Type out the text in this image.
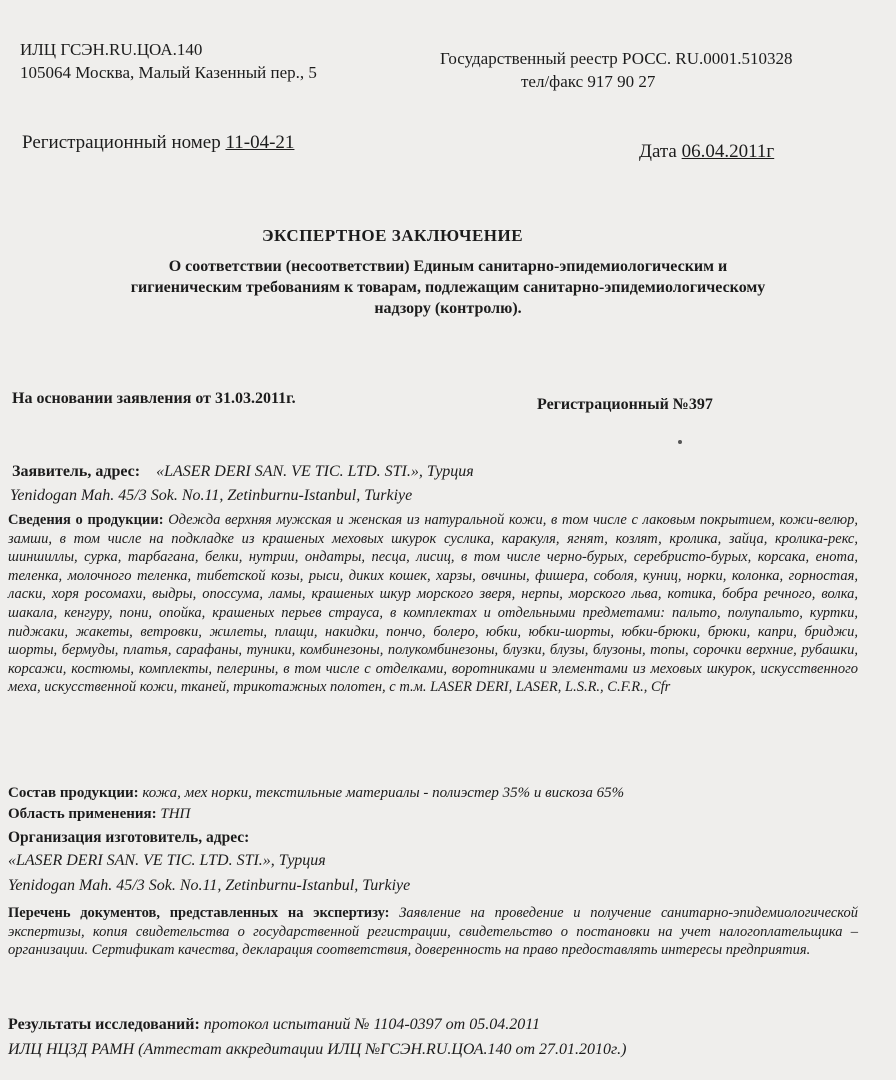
ИЛЦ ГСЭН.RU.ЦОА.140
105064 Москва, Малый Казенный пер., 5
Государственный реестр РОСС. RU.0001.510328
тел/факс 917 90 27
Регистрационный номер 11-04-21	Дата 06.04.2011г
ЭКСПЕРТНОЕ ЗАКЛЮЧЕНИЕ
О соответствии (несоответствии) Единым санитарно-эпидемиологическим и
гигиеническим требованиям к товарам, подлежащим санитарно-эпидемиологическому
надзору (контролю).
На основании заявления от 31.03.2011г.	Регистрационный №397
Заявитель, адрес: «LASER DERI SAN. VE TIC. LTD. STI.», Турция
Yenidogan Mah. 45/3 Sok. No.11, Zetinburnu-Istanbul, Turkiye
Сведения о продукции: Одежда верхняя мужская и женская из натуральной кожи, в том числе с лаковым покрытием, кожи-велюр, замши, в том числе на подкладке из крашеных меховых шкурок суслика, каракуля, ягнят, козлят, кролика, зайца, кролика-рекс, шиншиллы, сурка, тарбагана, белки, нутрии, ондатры, песца, лисиц, в том числе черно-бурых, серебристо-бурых, корсака, енота, теленка, молочного теленка, тибетской козы, рыси, диких кошек, харзы, овчины, фишера, соболя, куниц, норки, колонка, горностая, ласки, хоря росомахи, выдры, опоссума, ламы, крашеных шкур морского зверя, нерпы, морского льва, котика, бобра речного, волка, шакала, кенгуру, пони, опойка, крашеных перьев страуса, в комплектах и отдельными предметами: пальто, полупальто, куртки, пиджаки, жакеты, ветровки, жилеты, плащи, накидки, пончо, болеро, юбки, юбки-шорты, юбки-брюки, брюки, капри, бриджи, шорты, бермуды, платья, сарафаны, туники, комбинезоны, полукомбинезоны, блузки, блузы, блузоны, топы, сорочки верхние, рубашки, корсажи, костюмы, комплекты, пелерины, в том числе с отделками, воротниками и элементами из меховых шкурок, искусственного меха, искусственной кожи, тканей, трикотажных полотен, с т.м. LASER DERI, LASER, L.S.R., C.F.R., Cfr
Состав продукции: кожа, мех норки, текстильные материалы - полиэстер 35% и вискоза 65%
Область применения: ТНП
Организация изготовитель, адрес:
«LASER DERI SAN. VE TIC. LTD. STI.», Турция
Yenidogan Mah. 45/3 Sok. No.11, Zetinburnu-Istanbul, Turkiye
Перечень документов, представленных на экспертизу: Заявление на проведение и получение санитарно-эпидемиологической экспертизы, копия свидетельства о государственной регистрации, свидетельство о постановки на учет налогоплательщика – организации. Сертификат качества, декларация соответствия, доверенность на право предоставлять интересы предприятия.
Результаты исследований: протокол испытаний № 1104-0397 от 05.04.2011
ИЛЦ НЦЗД РАМН (Аттестат аккредитации ИЛЦ №ГСЭН.RU.ЦОА.140 от 27.01.2010г.)
